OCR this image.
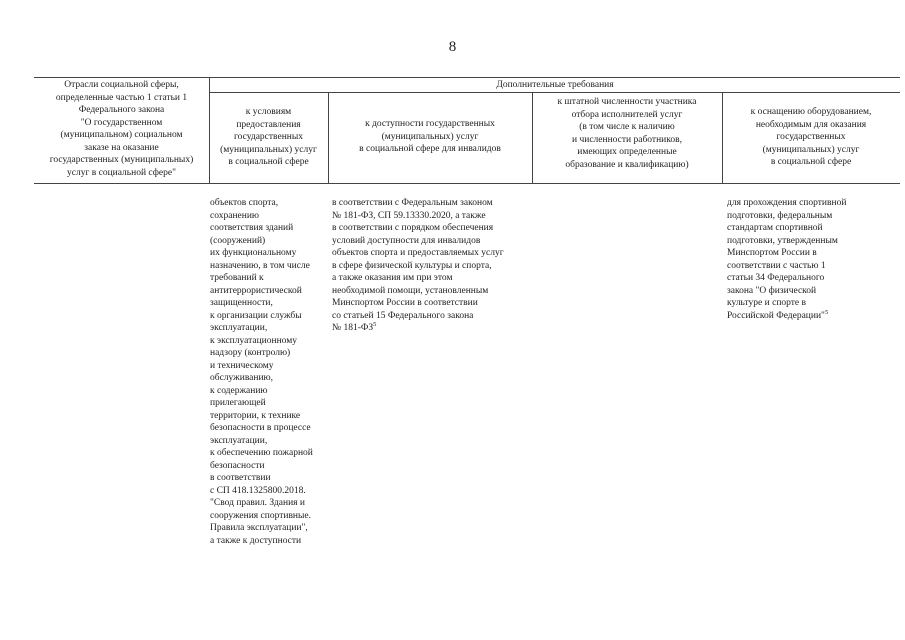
8
Отрасли социальной сферы,
определенные частью 1 статьи 1
Федерального закона
"О государственном
(муниципальном) социальном
заказе на оказание
государственных (муниципальных)
услуг в социальной сфере"
Дополнительные требования
к условиям
предоставления
государственных
(муниципальных) услуг
в социальной сфере
к доступности государственных
(муниципальных) услуг
в социальной сфере для инвалидов
к штатной численности участника
отбора исполнителей услуг
(в том числе к наличию
и численности работников,
имеющих определенные
образование и квалификацию)
к оснащению оборудованием,
необходимым для оказания
государственных
(муниципальных) услуг
в социальной сфере
объектов спорта,
сохранению
соответствия зданий
(сооружений)
их функциональному
назначению, в том числе
требований к
антитеррористической
защищенности,
к организации службы
эксплуатации,
к эксплуатационному
надзору (контролю)
и техническому
обслуживанию,
к содержанию
прилегающей
территории, к технике
безопасности в процессе
эксплуатации,
к обеспечению пожарной
безопасности
в соответствии
с СП 418.1325800.2018.
"Свод правил. Здания и
сооружения спортивные.
Правила эксплуатации",
а также к доступности
в соответствии с Федеральным законом
№ 181-ФЗ, СП 59.13330.2020, а также
в соответствии с порядком обеспечения
условий доступности для инвалидов
объектов спорта и предоставляемых услуг
в сфере физической культуры и спорта,
а также оказания им при этом
необходимой помощи, установленным
Минспортом России в соответствии
со статьей 15 Федерального закона
№ $181-ФЗ^5$
для прохождения спортивной
подготовки, федеральным
стандартам спортивной
подготовки, утвержденным
Минспортом России в
соответствии с частью 1
статьи 34 Федерального
закона "О физической
культуре и спорте в
Российской Федерации"$^5$
